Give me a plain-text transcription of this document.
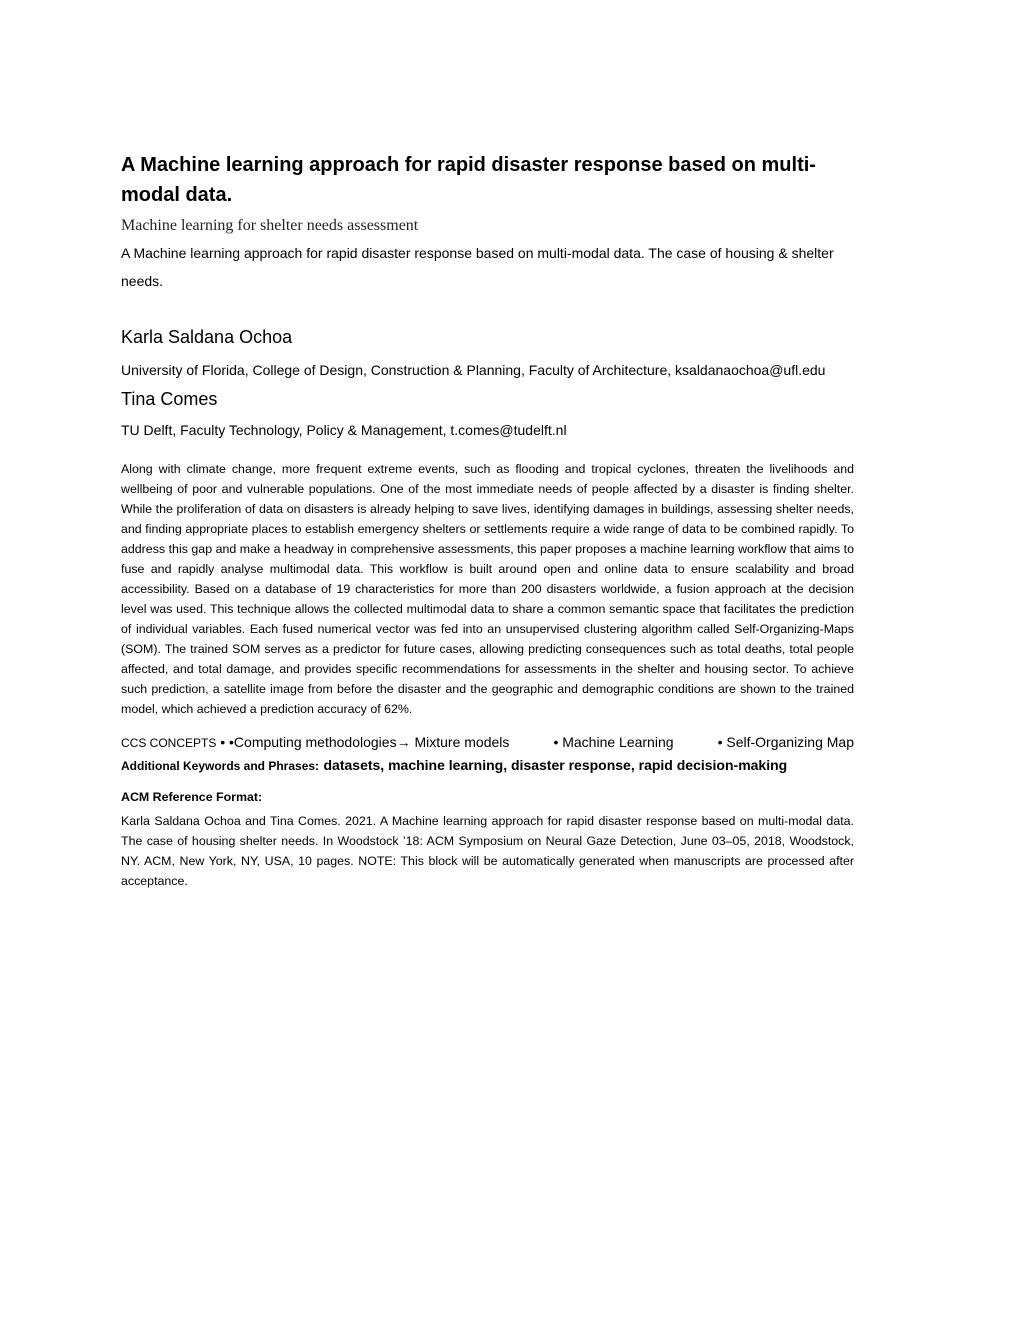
A Machine learning approach for rapid disaster response based on multi-modal data.

Machine learning for shelter needs assessment

A Machine learning approach for rapid disaster response based on multi-modal data. The case of housing & shelter needs.

Karla Saldana Ochoa

University of Florida, College of Design, Construction & Planning, Faculty of Architecture, ksaldanaochoa@ufl.edu

Tina Comes

TU Delft, Faculty Technology, Policy & Management, t.comes@tudelft.nl

Along with climate change, more frequent extreme events, such as flooding and tropical cyclones, threaten the livelihoods and wellbeing of poor and vulnerable populations. One of the most immediate needs of people affected by a disaster is finding shelter. While the proliferation of data on disasters is already helping to save lives, identifying damages in buildings, assessing shelter needs, and finding appropriate places to establish emergency shelters or settlements require a wide range of data to be combined rapidly. To address this gap and make a headway in comprehensive assessments, this paper proposes a machine learning workflow that aims to fuse and rapidly analyse multimodal data. This workflow is built around open and online data to ensure scalability and broad accessibility. Based on a database of 19 characteristics for more than 200 disasters worldwide, a fusion approach at the decision level was used. This technique allows the collected multimodal data to share a common semantic space that facilitates the prediction of individual variables. Each fused numerical vector was fed into an unsupervised clustering algorithm called Self-Organizing-Maps (SOM). The trained SOM serves as a predictor for future cases, allowing predicting consequences such as total deaths, total people affected, and total damage, and provides specific recommendations for assessments in the shelter and housing sector. To achieve such prediction, a satellite image from before the disaster and the geographic and demographic conditions are shown to the trained model, which achieved a prediction accuracy of 62%.

CCS CONCEPTS • •Computing methodologies→ Mixture models	• Machine Learning	• Self-Organizing Map

Additional Keywords and Phrases: datasets, machine learning, disaster response, rapid decision-making

ACM Reference Format:

Karla Saldana Ochoa and Tina Comes. 2021. A Machine learning approach for rapid disaster response based on multi-modal data. The case of housing shelter needs. In Woodstock ’18: ACM Symposium on Neural Gaze Detection, June 03–05, 2018, Woodstock, NY. ACM, New York, NY, USA, 10 pages. NOTE: This block will be automatically generated when manuscripts are processed after acceptance.
